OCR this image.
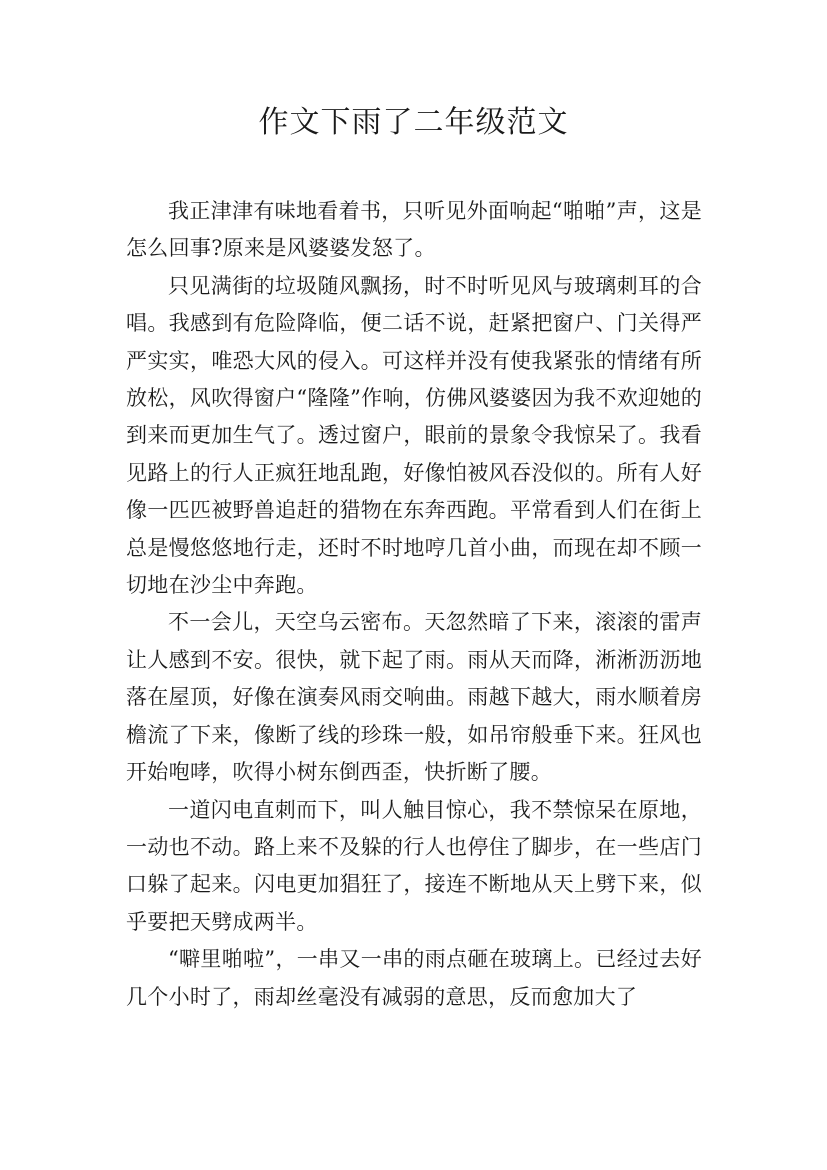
作文下雨了二年级范文

我正津津有味地看着书，只听见外面响起“啪啪”声，这是怎么回事?原来是风婆婆发怒了。

只见满街的垃圾随风飘扬，时不时听见风与玻璃刺耳的合唱。我感到有危险降临，便二话不说，赶紧把窗户、门关得严严实实，唯恐大风的侵入。可这样并没有使我紧张的情绪有所放松，风吹得窗户“隆隆”作响，仿佛风婆婆因为我不欢迎她的到来而更加生气了。透过窗户，眼前的景象令我惊呆了。我看见路上的行人正疯狂地乱跑，好像怕被风吞没似的。所有人好像一匹匹被野兽追赶的猎物在东奔西跑。平常看到人们在街上总是慢悠悠地行走，还时不时地哼几首小曲，而现在却不顾一切地在沙尘中奔跑。

不一会儿，天空乌云密布。天忽然暗了下来，滚滚的雷声让人感到不安。很快，就下起了雨。雨从天而降，淅淅沥沥地落在屋顶，好像在演奏风雨交响曲。雨越下越大，雨水顺着房檐流了下来，像断了线的珍珠一般，如吊帘般垂下来。狂风也开始咆哮，吹得小树东倒西歪，快折断了腰。

一道闪电直刺而下，叫人触目惊心，我不禁惊呆在原地，一动也不动。路上来不及躲的行人也停住了脚步，在一些店门口躲了起来。闪电更加猖狂了，接连不断地从天上劈下来，似乎要把天劈成两半。

“噼里啪啦”，一串又一串的雨点砸在玻璃上。已经过去好几个小时了，雨却丝毫没有减弱的意思，反而愈加大了
